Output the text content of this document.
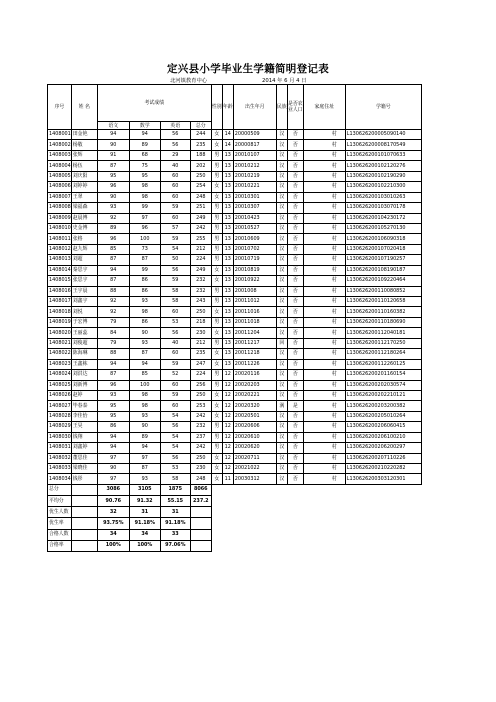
定兴县小学毕业生学籍简明登记表
北河镇教育中心	2014 年 6 月 4 日
序号	姓 名	考试成绩				性别	年龄	出生年月	民族	是否农业人口	家庭住址	学籍号
		语文	数学	英语	总分							
1408001	田金艳	94	94	56	244	女	14	20000509	汉	否	村	L130626200005090140
1408002	杨敬	90	89	56	235	女	14	20000817	汉	否	村	L130626200008170549
1408003	张辉	91	68	29	188	男	13	20010107	汉	否	村	L130626200101070633
1408004	杨伍	87	75	40	202	男	13	20010212	汉	否	村	L130626200102120276
1408005	刘庆阳	95	95	60	250	男	13	20010219	汉	否	村	L130626200102190290
1408006	刘婷婷	96	98	60	254	女	13	20010221	汉	否	村	L130626200102210300
1408007	王翠	90	98	60	248	女	13	20010301	汉	否	村	L130626200103010263
1408008	梁福森	93	99	59	251	男	13	20010307	汉	否	村	L130626200103070178
1408009	赵晨博	92	97	60	249	男	13	20010423	汉	否	村	L130626200104230172
1408010	史金博	89	96	57	242	男	13	20010527	汉	否	村	L130626200105270130
1408011	张格	96	100	59	255	男	13	20010609	汉	否	村	L130626200106090318
1408012	赵九辉	85	73	54	212	男	13	20010702	汉	否	村	L130626200107020418
1408013	刘超	87	87	50	224	男	13	20010719	汉	否	村	L130626200107190257
1408014	秦思宇	94	99	56	249	女	13	20010819	汉	否	村	L130626200108190187
1408015	张思宇	87	86	59	232	女	13	20010922	汉	否	村	L130626200109220464
1408016	王宇晨	88	86	58	232	男	13	2001008	汉	否	村	L130626200110080852
1408017	刘鑫宇	92	93	58	243	男	13	20011012	汉	否	村	L130626200110120658
1408018	刘悦	92	98	60	250	女	13	20011016	汉	否	村	L130626200110160382
1408019	于宏博	79	86	53	218	男	13	20011018	汉	否	村	L130626200110180690
1408020	王丽蕊	84	90	56	230	女	13	20011204	汉	否	村	L130626200112040181
1408021	刘俊超	79	93	40	212	男	13	20011217	回	否	村	L130626200112170250
1408022	陈海琳	88	87	60	235	女	13	20011218	汉	否	村	L130626200112180264
1408023	王鑫栋	94	94	59	247	女	13	20011226	汉	否	村	L130626200112260125
1408024	刘洪达	87	85	52	224	男	12	20020116	汉	否	村	L130626200201160154
1408025	刘新博	96	100	60	256	男	12	20020203	汉	否	村	L130626200202030574
1408026	赵婷	93	98	59	250	女	12	20020221	汉	否	村	L130626200202210121
1408027	毕春泰	95	98	60	253	女	12	20020320	满	是	村	L130626200203200382
1408028	李佳怡	95	93	54	242	女	12	20020501	汉	否	村	L130626200205010264
1408029	王昊	86	90	56	232	男	12	20020606	汉	否	村	L130626200206060415
1408030	钱翔	94	89	54	237	男	12	20020610	汉	否	村	L130626200206100210
1408031	刘鑫婷	94	94	54	242	男	12	20020620	汉	否	村	L130626200206200297
1408032	董思佳	97	97	56	250	女	12	20020711	汉	否	村	L130626200207110226
1408033	梁晓佳	90	87	53	230	女	12	20021022	汉	否	村	L130626200210220282
1408034	钱彤	97	93	58	248	女	11	20030312	汉	否	村	L130626200303120301
总分		3086	3105	1875	8066							
平均分		90.76	91.32	55.15	237.2							
优生人数		32	31	31								
优生率		93.75%	91.18%	91.18%								
合格人数		34	34	33								
合格率		100%	100%	97.06%								
